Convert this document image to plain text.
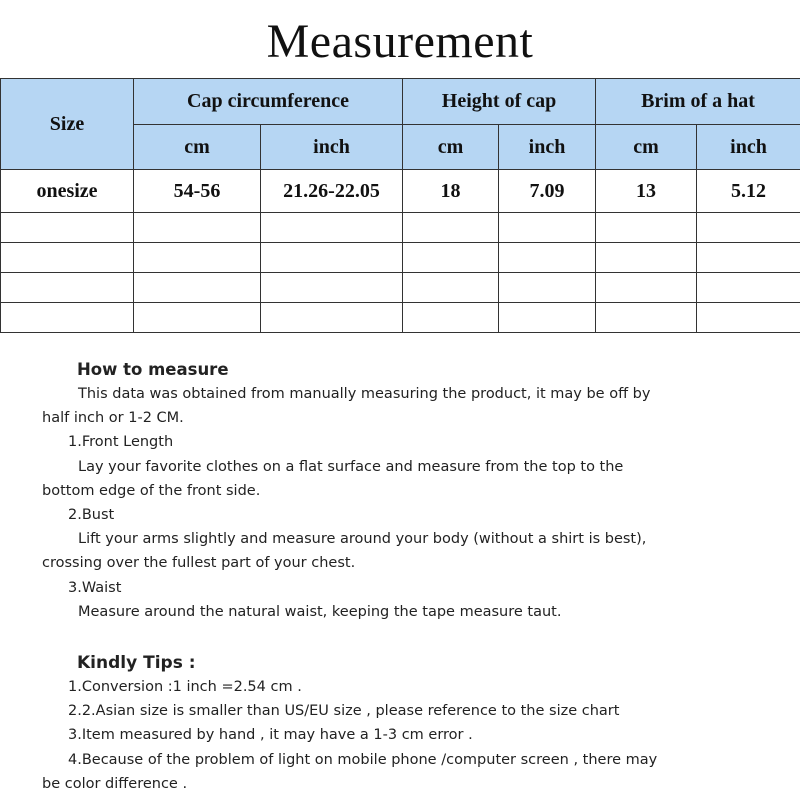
Measurement
Size	Cap circumference		Height of cap		Brim of a hat	
	cm	inch	cm	inch	cm	inch
onesize	54-56	21.26-22.05	18	7.09	13	5.12

How to measure
This data was obtained from manually measuring the product, it may be off by
half inch or 1-2 CM.
1.Front Length
Lay your favorite clothes on a flat surface and measure from the top to the
bottom edge of the front side.
2.Bust
Lift your arms slightly and measure around your body (without a shirt is best),
crossing over the fullest part of your chest.
3.Waist
Measure around the natural waist, keeping the tape measure taut.
Kindly Tips :
1.Conversion :1 inch =2.54 cm .
2.2.Asian size is smaller than US/EU size , please reference to the size chart
3.Item measured by hand , it may have a 1-3 cm error .
4.Because of the problem of light on mobile phone /computer screen , there may
be color difference .
